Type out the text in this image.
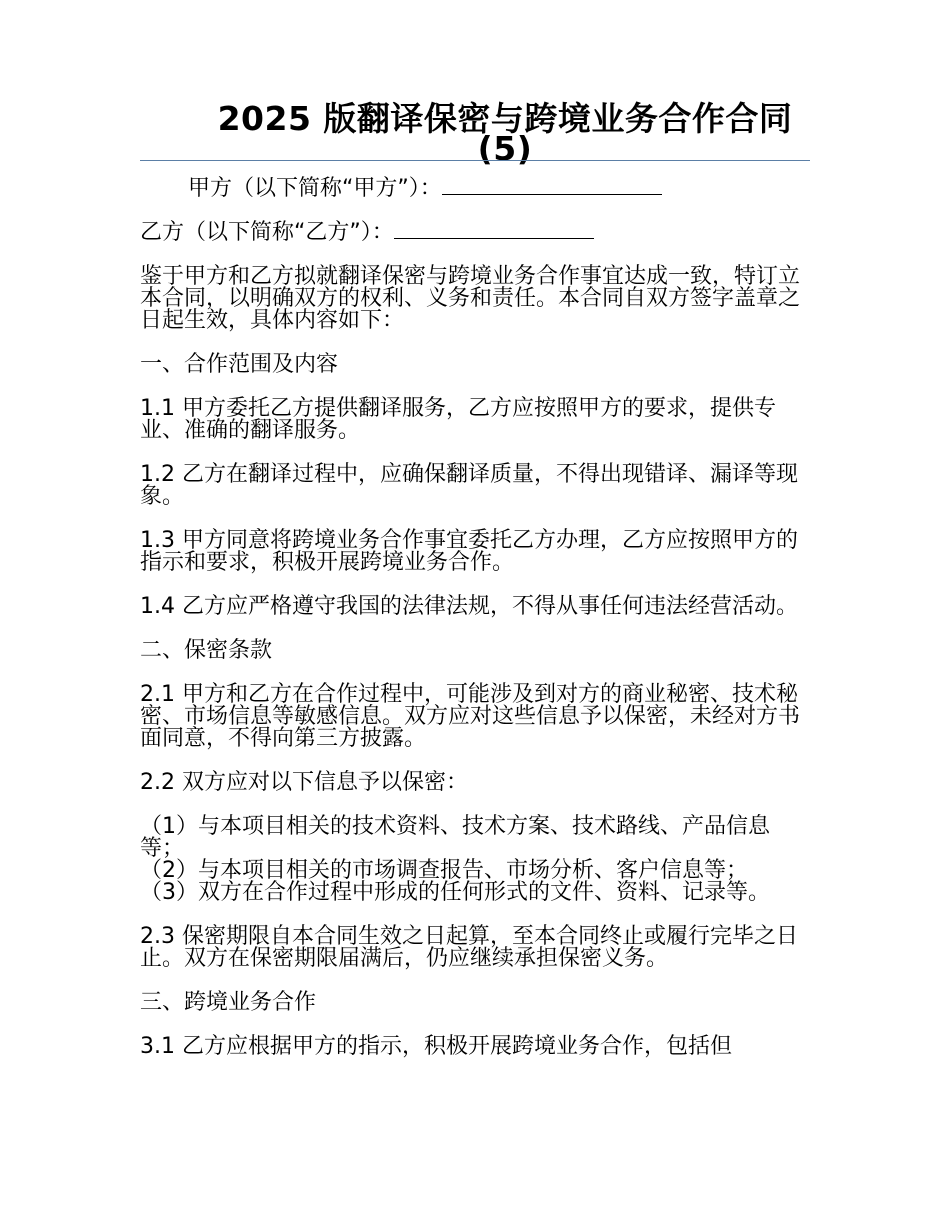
2025 版翻译保密与跨境业务合作合同 (5)

甲方（以下简称“甲方”）：

乙方（以下简称“乙方”）：

鉴于甲方和乙方拟就翻译保密与跨境业务合作事宜达成一致，特订立本合同，以明确双方的权利、义务和责任。本合同自双方签字盖章之日起生效，具体内容如下：

一、合作范围及内容

1.1 甲方委托乙方提供翻译服务，乙方应按照甲方的要求，提供专业、准确的翻译服务。

1.2 乙方在翻译过程中，应确保翻译质量，不得出现错译、漏译等现象。

1.3 甲方同意将跨境业务合作事宜委托乙方办理，乙方应按照甲方的指示和要求，积极开展跨境业务合作。

1.4 乙方应严格遵守我国的法律法规，不得从事任何违法经营活动。

二、保密条款

2.1 甲方和乙方在合作过程中，可能涉及到对方的商业秘密、技术秘密、市场信息等敏感信息。双方应对这些信息予以保密，未经对方书面同意，不得向第三方披露。

2.2 双方应对以下信息予以保密：

（1）与本项目相关的技术资料、技术方案、技术路线、产品信息等；

（2）与本项目相关的市场调查报告、市场分析、客户信息等；

（3）双方在合作过程中形成的任何形式的文件、资料、记录等。

2.3 保密期限自本合同生效之日起算，至本合同终止或履行完毕之日止。双方在保密期限届满后，仍应继续承担保密义务。

三、跨境业务合作

3.1 乙方应根据甲方的指示，积极开展跨境业务合作，包括但
